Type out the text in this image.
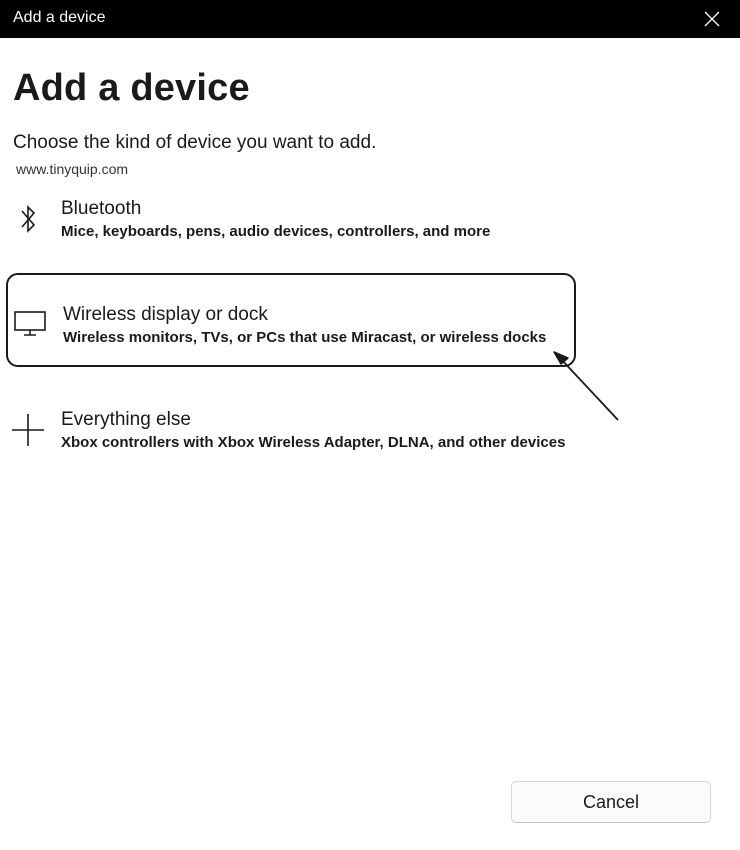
Add a device
Add a device
Choose the kind of device you want to add.
www.tinyquip.com
Bluetooth
Mice, keyboards, pens, audio devices, controllers, and more
Wireless display or dock
Wireless monitors, TVs, or PCs that use Miracast, or wireless docks
Everything else
Xbox controllers with Xbox Wireless Adapter, DLNA, and other devices
Cancel
